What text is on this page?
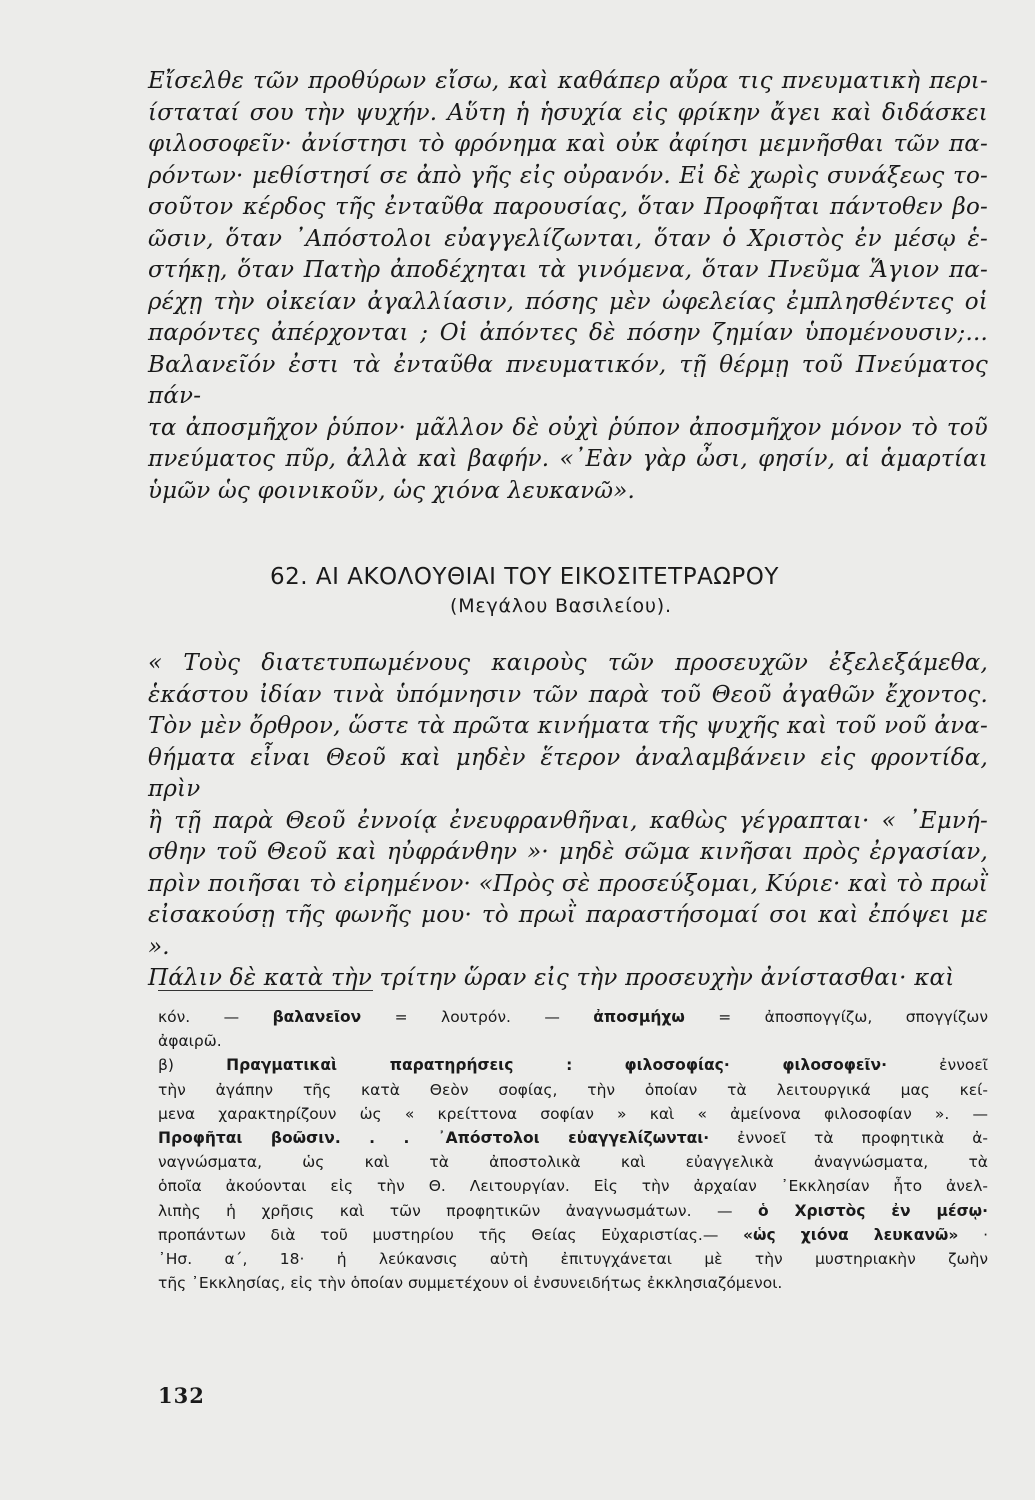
Εἴσελθε τῶν προθύρων εἴσω, καὶ καθάπερ αὔρα τις πνευματικὴ περι-
ίσταταί σου τὴν ψυχήν. Αὕτη ἡ ἡσυχία εἰς φρίκην ἄγει καὶ διδάσκει
φιλοσοφεῖν· ἀνίστησι τὸ φρόνημα καὶ οὐκ ἀφίησι μεμνῆσθαι τῶν πα-
ρόντων· μεθίστησί σε ἀπὸ γῆς εἰς οὐρανόν. Εἰ δὲ χωρὶς συνάξεως το-
σοῦτον κέρδος τῆς ἐνταῦθα παρουσίας, ὅταν Προφῆται πάντοθεν βο-
ῶσιν, ὅταν ᾿Απόστολοι εὐαγγελίζωνται, ὅταν ὁ Χριστὸς ἐν μέσῳ ἑ-
στήκῃ, ὅταν Πατὴρ ἀποδέχηται τὰ γινόμενα, ὅταν Πνεῦμα Ἅγιον πα-
ρέχῃ τὴν οἰκείαν ἀγαλλίασιν, πόσης μὲν ὠφελείας ἐμπλησθέντες οἱ
παρόντες ἀπέρχονται ; Οἱ ἀπόντες δὲ πόσην ζημίαν ὑπομένουσιν;...
Βαλανεῖόν ἐστι τὰ ἐνταῦθα πνευματικόν, τῇ θέρμῃ τοῦ Πνεύματος πάν-
τα ἀποσμῆχον ῥύπον· μᾶλλον δὲ οὐχὶ ῥύπον ἀποσμῆχον μόνον τὸ τοῦ
πνεύματος πῦρ, ἀλλὰ καὶ βαφήν. «᾿Εὰν γὰρ ὦσι, φησίν, αἱ ἁμαρτίαι
ὑμῶν ὡς φοινικοῦν, ὡς χιόνα λευκανῶ».
62. ΑΙ ΑΚΟΛΟΥΘΙΑΙ ΤΟΥ ΕΙΚΟΣΙΤΕΤΡΑΩΡΟΥ
(Μεγάλου Βασιλείου).
« Τοὺς διατετυπωμένους καιροὺς τῶν προσευχῶν ἐξελεξάμεθα,
ἑκάστου ἰδίαν τινὰ ὑπόμνησιν τῶν παρὰ τοῦ Θεοῦ ἀγαθῶν ἔχοντος.
Τὸν μὲν ὄρθρον, ὥστε τὰ πρῶτα κινήματα τῆς ψυχῆς καὶ τοῦ νοῦ ἀνα-
θήματα εἶναι Θεοῦ καὶ μηδὲν ἕτερον ἀναλαμβάνειν εἰς φροντίδα, πρὶν
ἢ τῇ παρὰ Θεοῦ ἐννοίᾳ ἐνευφρανθῆναι, καθὼς γέγραπται· « ᾿Εμνή-
σθην τοῦ Θεοῦ καὶ ηὐφράνθην »· μηδὲ σῶμα κινῆσαι πρὸς ἐργασίαν,
πρὶν ποιῆσαι τὸ εἰρημένον· «Πρὸς σὲ προσεύξομαι, Κύριε· καὶ τὸ πρωῒ
εἰσακούσῃ τῆς φωνῆς μου· τὸ πρωῒ παραστήσομαί σοι καὶ ἐπόψει με ».
Πάλιν δὲ κατὰ τὴν τρίτην ὥραν εἰς τὴν προσευχὴν ἀνίστασθαι· καὶ
κόν. — βαλανεῖον = λουτρόν. — ἀποσμήχω = ἀποσπογγίζω, σπογγίζων
ἀφαιρῶ.
β) Πραγματικαὶ παρατηρήσεις :	φιλοσοφίας· φιλοσοφεῖν· ἐννοεῖ
τὴν ἀγάπην τῆς κατὰ Θεὸν σοφίας, τὴν ὁποίαν τὰ λειτουργικά μας κεί-
μενα χαρακτηρίζουν ὡς « κρείττονα σοφίαν » καὶ « ἀμείνονα φιλοσοφίαν ». —
Προφῆται βοῶσιν. . . ᾿Απόστολοι εὐαγγελίζωνται· ἐννοεῖ τὰ προφητικὰ ἀ-
ναγνώσματα, ὡς καὶ τὰ ἀποστολικὰ καὶ εὐαγγελικὰ ἀναγνώσματα, τὰ
ὁποῖα ἀκούονται εἰς τὴν Θ. Λειτουργίαν. Εἰς τὴν ἀρχαίαν ᾿Εκκλησίαν ἦτο ἀνελ-
λιπὴς ἡ χρῆσις καὶ τῶν προφητικῶν ἀναγνωσμάτων. — ὁ Χριστὸς ἐν μέσῳ·
προπάντων διὰ τοῦ μυστηρίου τῆς Θείας Εὐχαριστίας.— «ὡς χιόνα λευκανῶ» ·
᾿Ησ. α΄, 18· ἡ λεύκανσις αὐτὴ ἐπιτυγχάνεται μὲ τὴν μυστηριακὴν ζωὴν
τῆς ᾿Εκκλησίας, εἰς τὴν ὁποίαν συμμετέχουν οἱ ἐνσυνειδήτως ἐκκλησιαζόμενοι.
132
